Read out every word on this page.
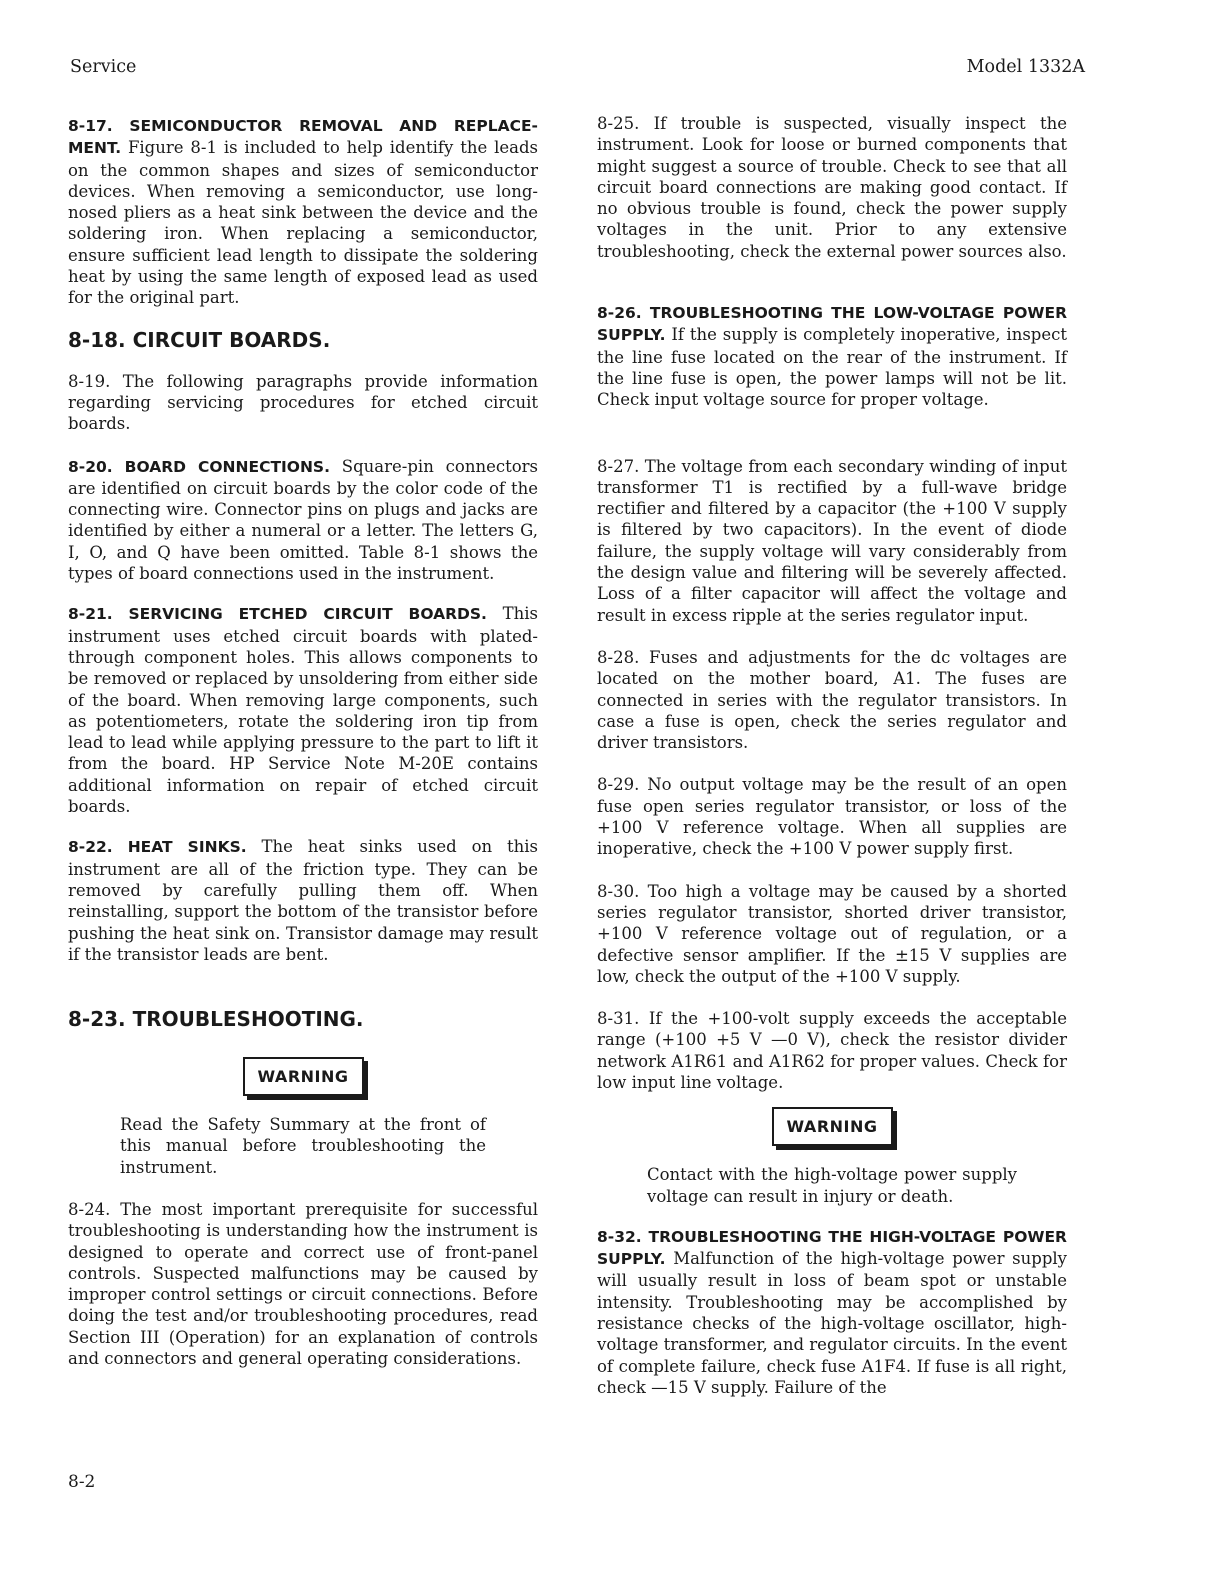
Service	Model 1332A

8-17. SEMICONDUCTOR REMOVAL AND REPLACE-MENT. Figure 8-1 is included to help identify the leads on the common shapes and sizes of semiconductor devices. When removing a semiconductor, use long-nosed pliers as a heat sink between the device and the soldering iron. When replacing a semiconductor, ensure sufficient lead length to dissipate the soldering heat by using the same length of exposed lead as used for the original part.

8-18. CIRCUIT BOARDS.

8-19. The following paragraphs provide information regarding servicing procedures for etched circuit boards.

8-20. BOARD CONNECTIONS. Square-pin connectors are identified on circuit boards by the color code of the connecting wire. Connector pins on plugs and jacks are identified by either a numeral or a letter. The letters G, I, O, and Q have been omitted. Table 8-1 shows the types of board connections used in the instrument.

8-21. SERVICING ETCHED CIRCUIT BOARDS. This instrument uses etched circuit boards with plated-through component holes. This allows components to be removed or replaced by unsoldering from either side of the board. When removing large components, such as potentiometers, rotate the soldering iron tip from lead to lead while applying pressure to the part to lift it from the board. HP Service Note M-20E contains additional information on repair of etched circuit boards.

8-22. HEAT SINKS. The heat sinks used on this instrument are all of the friction type. They can be removed by carefully pulling them off. When reinstalling, support the bottom of the transistor before pushing the heat sink on. Transistor damage may result if the transistor leads are bent.

8-23. TROUBLESHOOTING.
WARNING

Read the Safety Summary at the front of this manual before troubleshooting the instrument.

8-24. The most important prerequisite for successful troubleshooting is understanding how the instrument is designed to operate and correct use of front-panel controls. Suspected malfunctions may be caused by improper control settings or circuit connections. Before doing the test and/or troubleshooting procedures, read Section III (Operation) for an explanation of controls and connectors and general operating considerations.

8-25. If trouble is suspected, visually inspect the instrument. Look for loose or burned components that might suggest a source of trouble. Check to see that all circuit board connections are making good contact. If no obvious trouble is found, check the power supply voltages in the unit. Prior to any extensive troubleshooting, check the external power sources also.

8-26. TROUBLESHOOTING THE LOW-VOLTAGE POWER SUPPLY. If the supply is completely inoperative, inspect the line fuse located on the rear of the instrument. If the line fuse is open, the power lamps will not be lit. Check input voltage source for proper voltage.

8-27. The voltage from each secondary winding of input transformer T1 is rectified by a full-wave bridge rectifier and filtered by a capacitor (the +100 V supply is filtered by two capacitors). In the event of diode failure, the supply voltage will vary considerably from the design value and filtering will be severely affected. Loss of a filter capacitor will affect the voltage and result in excess ripple at the series regulator input.

8-28. Fuses and adjustments for the dc voltages are located on the mother board, A1. The fuses are connected in series with the regulator transistors. In case a fuse is open, check the series regulator and driver transistors.

8-29. No output voltage may be the result of an open fuse open series regulator transistor, or loss of the +100 V reference voltage. When all supplies are inoperative, check the +100 V power supply first.

8-30. Too high a voltage may be caused by a shorted series regulator transistor, shorted driver transistor, +100 V reference voltage out of regulation, or a defective sensor amplifier. If the ±15 V supplies are low, check the output of the +100 V supply.

8-31. If the +100-volt supply exceeds the acceptable range (+100 +5 V —0 V), check the resistor divider network A1R61 and A1R62 for proper values. Check for low input line voltage.

WARNING

Contact with the high-voltage power supply voltage can result in injury or death.

8-32. TROUBLESHOOTING THE HIGH-VOLTAGE POWER SUPPLY. Malfunction of the high-voltage power supply will usually result in loss of beam spot or unstable intensity. Troubleshooting may be accomplished by resistance checks of the high-voltage oscillator, high-voltage transformer, and regulator circuits. In the event of complete failure, check fuse A1F4. If fuse is all right, check —15 V supply. Failure of the

8-2
